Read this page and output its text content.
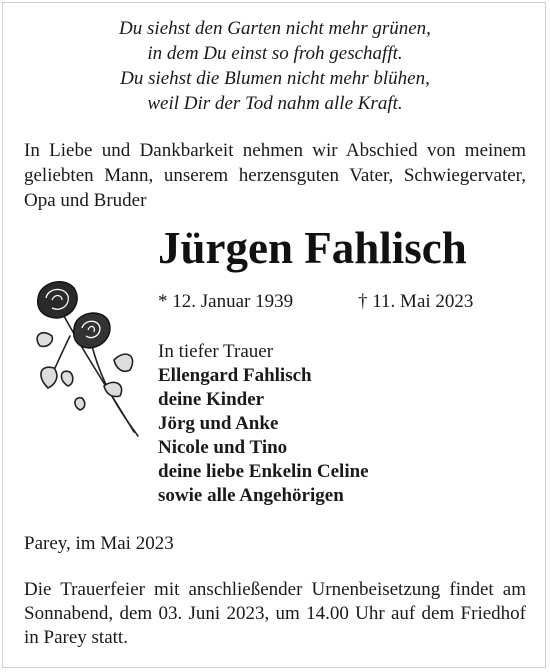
Du siehst den Garten nicht mehr grünen,
in dem Du einst so froh geschafft.
Du siehst die Blumen nicht mehr blühen,
weil Dir der Tod nahm alle Kraft.
In Liebe und Dankbarkeit nehmen wir Abschied von meinem
geliebten Mann, unserem herzensguten Vater, Schwiegervater,
Opa und Bruder
Jürgen Fahlisch
* 12. Januar 1939	† 11. Mai 2023
In tiefer Trauer
Ellengard Fahlisch
deine Kinder
Jörg und Anke
Nicole und Tino
deine liebe Enkelin Celine
sowie alle Angehörigen
Parey, im Mai 2023
Die Trauerfeier mit anschließender Urnenbeisetzung findet am
Sonnabend, dem 03. Juni 2023, um 14.00 Uhr auf dem Friedhof
in Parey statt.
